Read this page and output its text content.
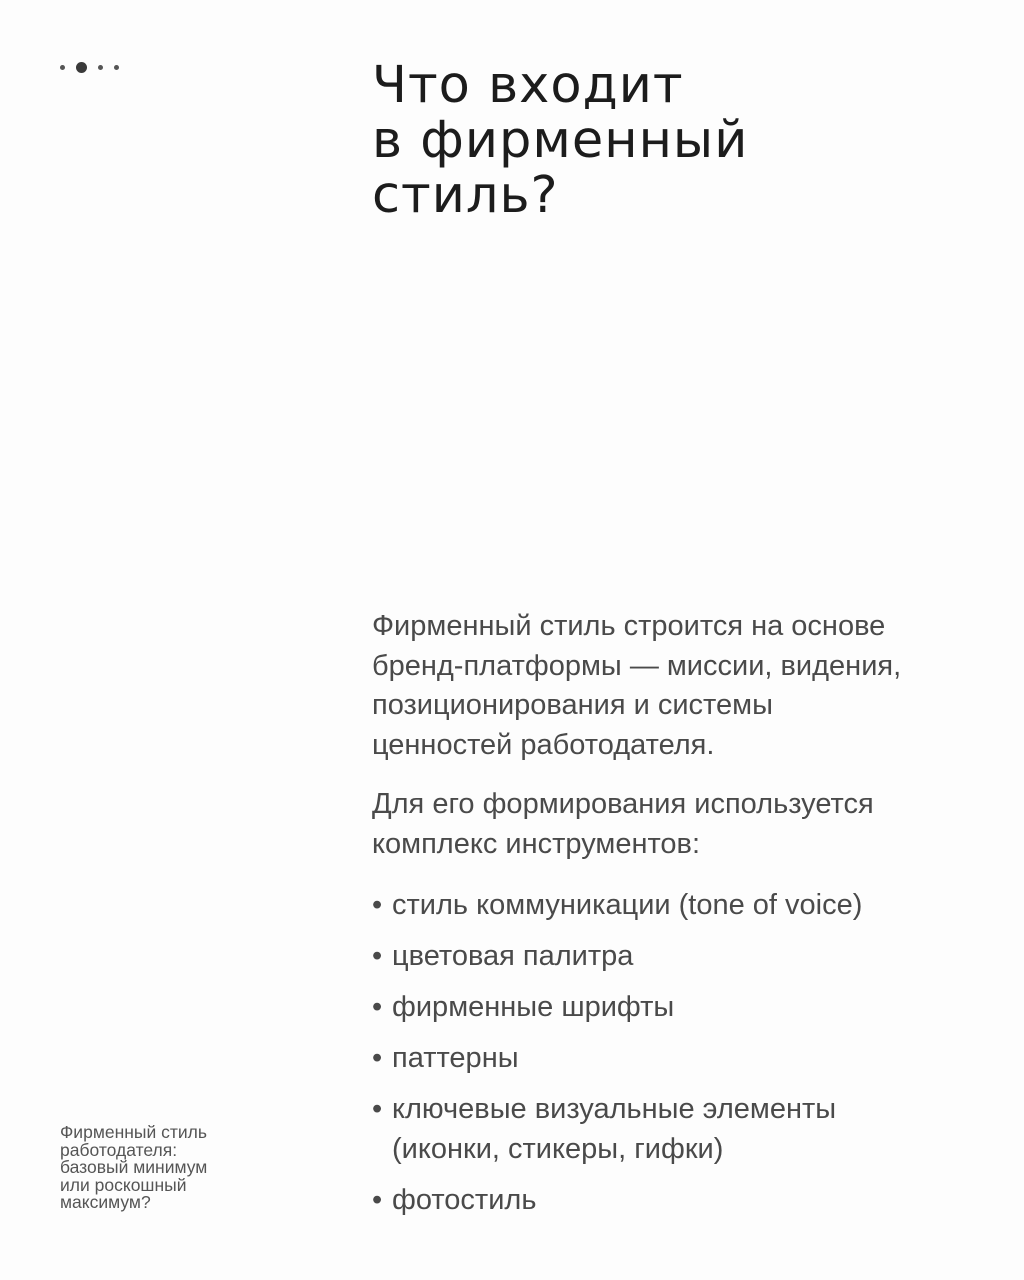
Что входит
в фирменный
стиль?

Фирменный стиль строится на основе
бренд-платформы — миссии, видения,
позиционирования и системы
ценностей работодателя.

Для его формирования используется
комплекс инструментов:

• стиль коммуникации (tone of voice)
• цветовая палитра
• фирменные шрифты
• паттерны
• ключевые визуальные элементы
(иконки, стикеры, гифки)
• фотостиль
Фирменный стиль
работодателя:
базовый минимум
или роскошный
максимум?
